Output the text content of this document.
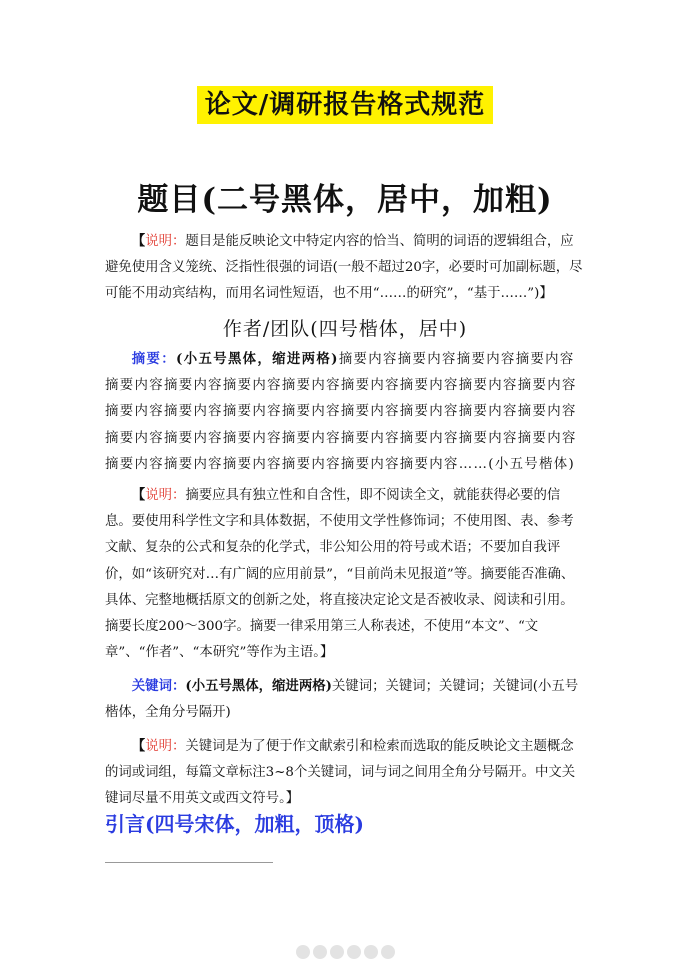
论文/调研报告格式规范
题目(二号黑体，居中，加粗)
【说明：题目是能反映论文中特定内容的恰当、简明的词语的逻辑组合，应避免使用含义笼统、泛指性很强的词语(一般不超过20字，必要时可加副标题，尽可能不用动宾结构，而用名词性短语，也不用“……的研究”，“基于……”)】
作者/团队(四号楷体，居中)
摘要：(小五号黑体，缩进两格)摘要内容摘要内容摘要内容摘要内容摘要内容摘要内容摘要内容摘要内容摘要内容摘要内容摘要内容摘要内容摘要内容摘要内容摘要内容摘要内容摘要内容摘要内容摘要内容摘要内容摘要内容摘要内容摘要内容摘要内容摘要内容摘要内容摘要内容摘要内容摘要内容摘要内容摘要内容摘要内容摘要内容摘要内容……(小五号楷体)
【说明：摘要应具有独立性和自含性，即不阅读全文，就能获得必要的信息。要使用科学性文字和具体数据，不使用文学性修饰词；不使用图、表、参考文献、复杂的公式和复杂的化学式，非公知公用的符号或术语；不要加自我评价，如“该研究对…有广阔的应用前景”，“目前尚未见报道”等。摘要能否准确、具体、完整地概括原文的创新之处，将直接决定论文是否被收录、阅读和引用。摘要长度200～300字。摘要一律采用第三人称表述，不使用“本文”、“文章”、“作者”、“本研究”等作为主语。】
关键词：(小五号黑体，缩进两格)关键词；关键词；关键词；关键词(小五号楷体，全角分号隔开)
【说明：关键词是为了便于作文献索引和检索而选取的能反映论文主题概念的词或词组，每篇文章标注3~8个关键词，词与词之间用全角分号隔开。中文关键词尽量不用英文或西文符号。】
引言(四号宋体，加粗，顶格)
